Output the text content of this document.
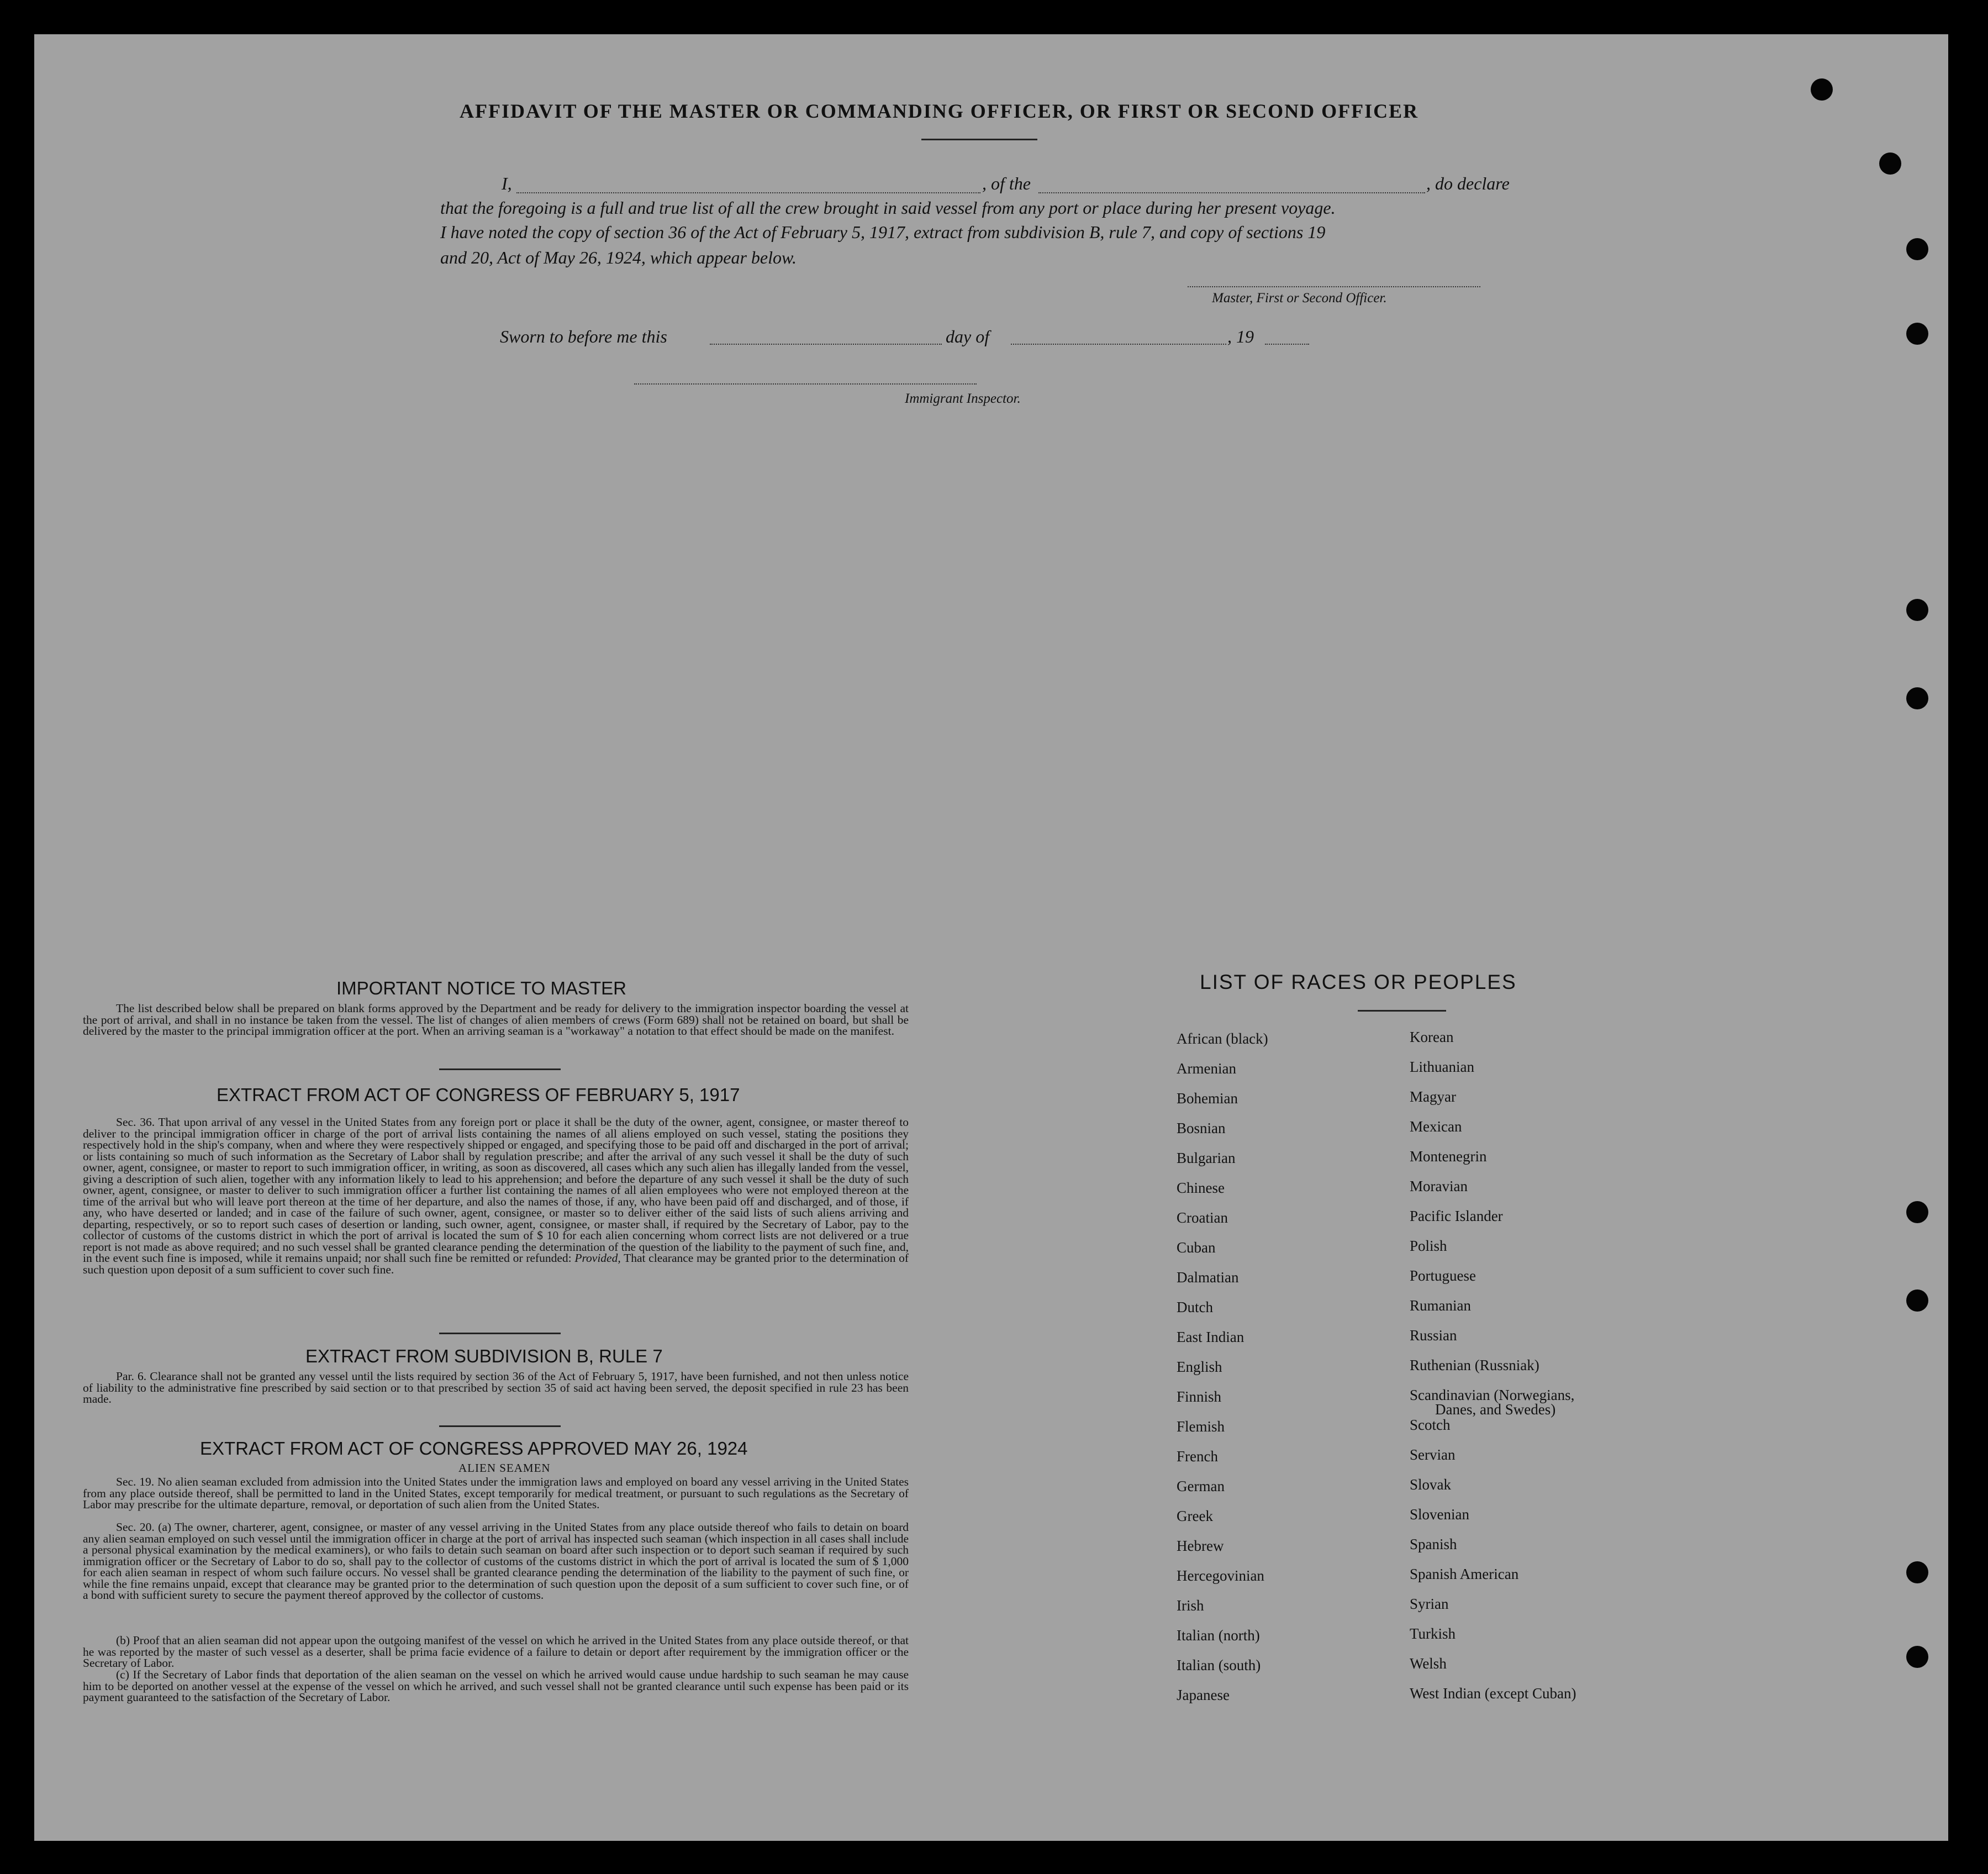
AFFIDAVIT OF THE MASTER OR COMMANDING OFFICER, OR FIRST OR SECOND OFFICER
I,	, of the	, do declare
that the foregoing is a full and true list of all the crew brought in said vessel from any port or place during her present voyage.
I have noted the copy of section 36 of the Act of February 5, 1917, extract from subdivision B, rule 7, and copy of sections 19
and 20, Act of May 26, 1924, which appear below.
Master, First or Second Officer.
Sworn to before me this	day of	, 19
Immigrant Inspector.
IMPORTANT NOTICE TO MASTER

The list described below shall be prepared on blank forms approved by the Department and be ready for delivery to the immigration inspector boarding the vessel at the port of arrival, and shall in no instance be taken from the vessel. The list of changes of alien members of crews (Form 689) shall not be retained on board, but shall be delivered by the master to the principal immigration officer at the port. When an arriving seaman is a "workaway" a notation to that effect should be made on the manifest.

EXTRACT FROM ACT OF CONGRESS OF FEBRUARY 5, 1917

Sec. 36. That upon arrival of any vessel in the United States from any foreign port or place it shall be the duty of the owner, agent, consignee, or master thereof to deliver to the principal immigration officer in charge of the port of arrival lists containing the names of all aliens employed on such vessel, stating the positions they respectively hold in the ship's company, when and where they were respectively shipped or engaged, and specifying those to be paid off and discharged in the port of arrival; or lists containing so much of such information as the Secretary of Labor shall by regulation prescribe; and after the arrival of any such vessel it shall be the duty of such owner, agent, consignee, or master to report to such immigration officer, in writing, as soon as discovered, all cases which any such alien has illegally landed from the vessel, giving a description of such alien, together with any information likely to lead to his apprehension; and before the departure of any such vessel it shall be the duty of such owner, agent, consignee, or master to deliver to such immigration officer a further list containing the names of all alien employees who were not employed thereon at the time of the arrival but who will leave port thereon at the time of her departure, and also the names of those, if any, who have been paid off and discharged, and of those, if any, who have deserted or landed; and in case of the failure of such owner, agent, consignee, or master so to deliver either of the said lists of such aliens arriving and departing, respectively, or so to report such cases of desertion or landing, such owner, agent, consignee, or master shall, if required by the Secretary of Labor, pay to the collector of customs of the customs district in which the port of arrival is located the sum of $ 10 for each alien concerning whom correct lists are not delivered or a true report is not made as above required; and no such vessel shall be granted clearance pending the determination of the question of the liability to the payment of such fine, and, in the event such fine is imposed, while it remains unpaid; nor shall such fine be remitted or refunded: Provided, That clearance may be granted prior to the determination of such question upon deposit of a sum sufficient to cover such fine.

EXTRACT FROM SUBDIVISION B, RULE 7

Par. 6. Clearance shall not be granted any vessel until the lists required by section 36 of the Act of February 5, 1917, have been furnished, and not then unless notice of liability to the administrative fine prescribed by said section or to that prescribed by section 35 of said act having been served, the deposit specified in rule 23 has been made.

EXTRACT FROM ACT OF CONGRESS APPROVED MAY 26, 1924
ALIEN SEAMEN

Sec. 19. No alien seaman excluded from admission into the United States under the immigration laws and employed on board any vessel arriving in the United States from any place outside thereof, shall be permitted to land in the United States, except temporarily for medical treatment, or pursuant to such regulations as the Secretary of Labor may prescribe for the ultimate departure, removal, or deportation of such alien from the United States.

Sec. 20. (a) The owner, charterer, agent, consignee, or master of any vessel arriving in the United States from any place outside thereof who fails to detain on board any alien seaman employed on such vessel until the immigration officer in charge at the port of arrival has inspected such seaman (which inspection in all cases shall include a personal physical examination by the medical examiners), or who fails to detain such seaman on board after such inspection or to deport such seaman if required by such immigration officer or the Secretary of Labor to do so, shall pay to the collector of customs of the customs district in which the port of arrival is located the sum of $ 1,000 for each alien seaman in respect of whom such failure occurs. No vessel shall be granted clearance pending the determination of the liability to the payment of such fine, or while the fine remains unpaid, except that clearance may be granted prior to the determination of such question upon the deposit of a sum sufficient to cover such fine, or of a bond with sufficient surety to secure the payment thereof approved by the collector of customs.

(b) Proof that an alien seaman did not appear upon the outgoing manifest of the vessel on which he arrived in the United States from any place outside thereof, or that he was reported by the master of such vessel as a deserter, shall be prima facie evidence of a failure to detain or deport after requirement by the immigration officer or the Secretary of Labor.

(c) If the Secretary of Labor finds that deportation of the alien seaman on the vessel on which he arrived would cause undue hardship to such seaman he may cause him to be deported on another vessel at the expense of the vessel on which he arrived, and such vessel shall not be granted clearance until such expense has been paid or its payment guaranteed to the satisfaction of the Secretary of Labor.

LIST OF RACES OR PEOPLES
African (black)
Armenian
Bohemian
Bosnian
Bulgarian
Chinese
Croatian
Cuban
Dalmatian
Dutch
East Indian
English
Finnish
Flemish
French
German
Greek
Hebrew
Hercegovinian
Irish
Italian (north)
Italian (south)
Japanese
Korean
Lithuanian
Magyar
Mexican
Montenegrin
Moravian
Pacific Islander
Polish
Portuguese
Rumanian
Russian
Ruthenian (Russniak)
Scandinavian (Norwegians,
Danes, and Swedes)
Scotch
Servian
Slovak
Slovenian
Spanish
Spanish American
Syrian
Turkish
Welsh
West Indian (except Cuban)
